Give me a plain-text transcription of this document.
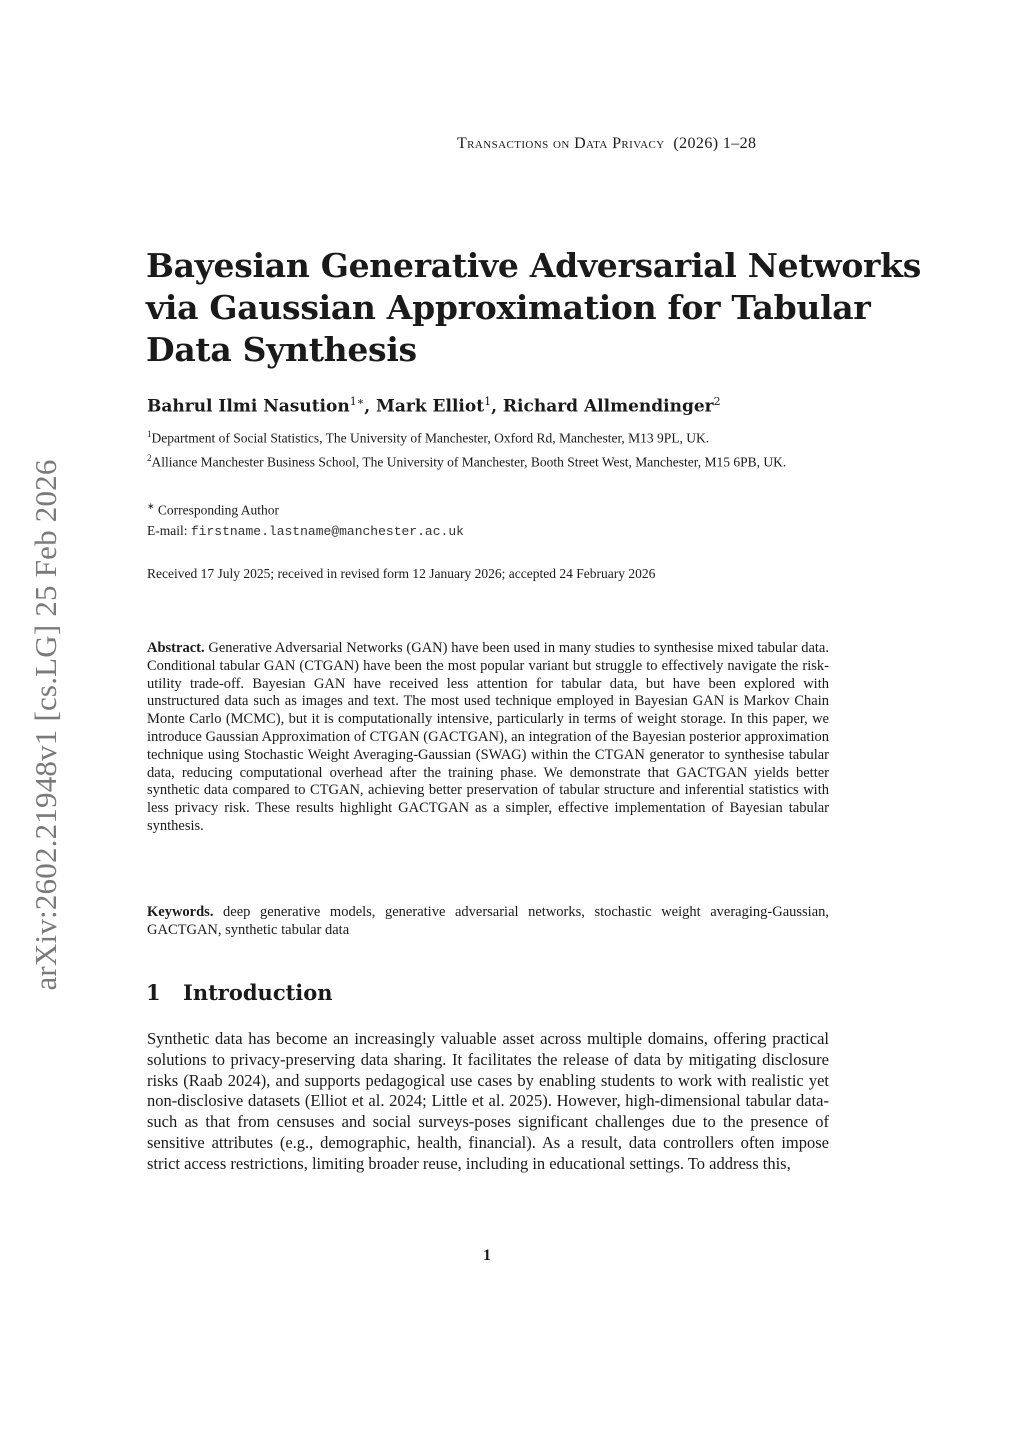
arXiv:2602.21948v1 [cs.LG] 25 Feb 2026
Transactions on Data Privacy (2026) 1–28
Bayesian Generative Adversarial Networks
via Gaussian Approximation for Tabular
Data Synthesis
Bahrul Ilmi Nasution$^{1∗}$, Mark Elliot$^1$, Richard Allmendinger$^2$
$^1$Department of Social Statistics, The University of Manchester, Oxford Rd, Manchester, M13 9PL, UK.
$^2$Alliance Manchester Business School, The University of Manchester, Booth Street West, Manchester, M15 6PB, UK.
∗ Corresponding Author
E-mail: firstname.lastname@manchester.ac.uk
Received 17 July 2025; received in revised form 12 January 2026; accepted 24 February 2026

Abstract. Generative Adversarial Networks (GAN) have been used in many studies to synthesise mixed tabular data. Conditional tabular GAN (CTGAN) have been the most popular variant but struggle to effectively navigate the risk-utility trade-off. Bayesian GAN have received less attention for tabular data, but have been explored with unstructured data such as images and text. The most used technique employed in Bayesian GAN is Markov Chain Monte Carlo (MCMC), but it is computationally intensive, particularly in terms of weight storage. In this paper, we introduce Gaussian Approximation of CTGAN (GACTGAN), an integration of the Bayesian posterior approximation technique using Stochastic Weight Averaging-Gaussian (SWAG) within the CTGAN generator to synthesise tabular data, reducing computational overhead after the training phase. We demonstrate that GACTGAN yields better synthetic data compared to CTGAN, achieving better preservation of tabular structure and inferential statistics with less privacy risk. These results highlight GACTGAN as a simpler, effective implementation of Bayesian tabular synthesis.

Keywords. deep generative models, generative adversarial networks, stochastic weight averaging-Gaussian, GACTGAN, synthetic tabular data

1 Introduction

Synthetic data has become an increasingly valuable asset across multiple domains, offering practical solutions to privacy-preserving data sharing. It facilitates the release of data by mitigating disclosure risks (Raab 2024), and supports pedagogical use cases by enabling students to work with realistic yet non-disclosive datasets (Elliot et al. 2024; Little et al. 2025). However, high-dimensional tabular data-such as that from censuses and social surveys-poses significant challenges due to the presence of sensitive attributes (e.g., demographic, health, financial). As a result, data controllers often impose strict access restrictions, limiting broader reuse, including in educational settings. To address this,

1
